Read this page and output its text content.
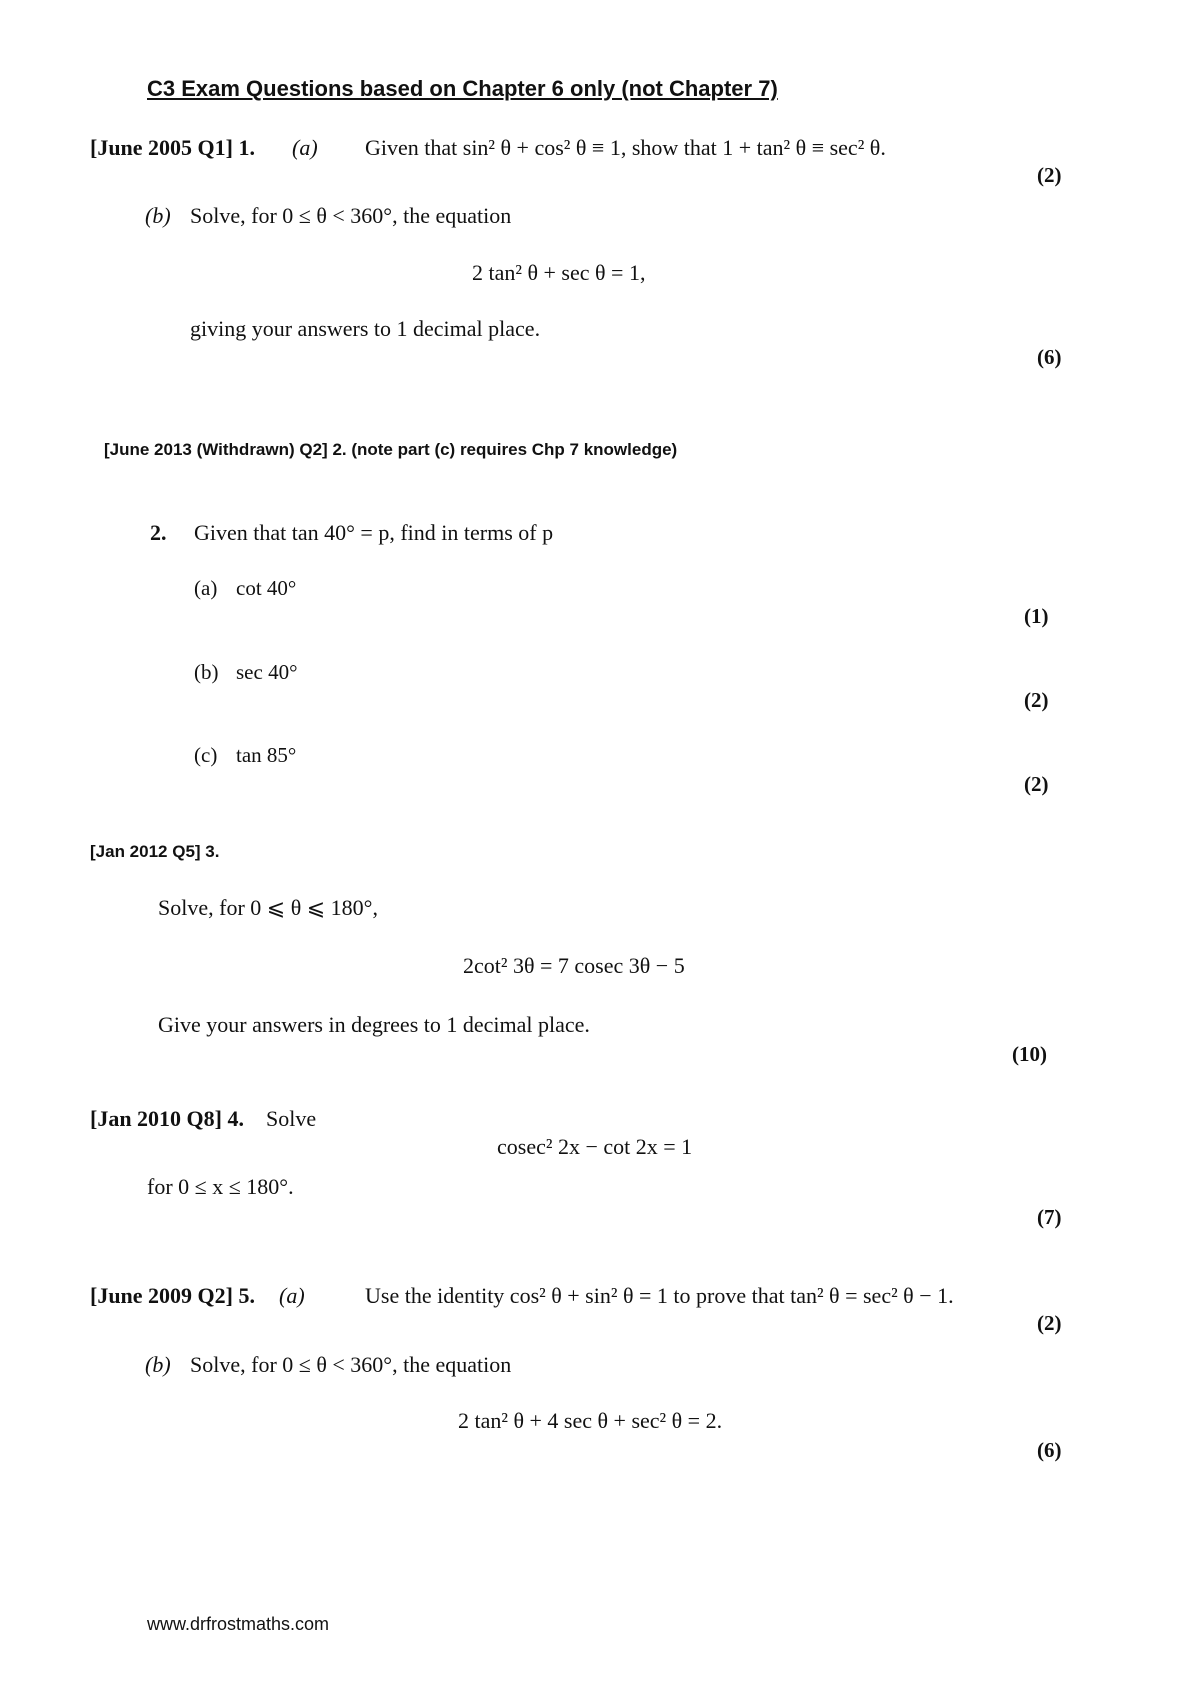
C3 Exam Questions based on Chapter 6 only (not Chapter 7)
[June 2005 Q1] 1. (a) Given that sin² θ + cos² θ ≡ 1, show that 1 + tan² θ ≡ sec² θ.
(2)
(b) Solve, for 0 ≤ θ < 360°, the equation
2 tan² θ + sec θ = 1,
giving your answers to 1 decimal place.
(6)
[June 2013 (Withdrawn) Q2] 2. (note part (c) requires Chp 7 knowledge)
2. Given that tan 40° = p, find in terms of p
(a) cot 40°
(1)
(b) sec 40°
(2)
(c) tan 85°
(2)
[Jan 2012 Q5] 3.
Solve, for 0 ⩽ θ ⩽ 180°,
2cot² 3θ = 7 cosec 3θ − 5
Give your answers in degrees to 1 decimal place.
(10)
[Jan 2010 Q8] 4. Solve
cosec² 2x − cot 2x = 1
for 0 ≤ x ≤ 180°.
(7)
[June 2009 Q2] 5. (a)	Use the identity cos² θ + sin² θ = 1 to prove that tan² θ = sec² θ − 1.
(2)
(b) Solve, for 0 ≤ θ < 360°, the equation
2 tan² θ + 4 sec θ + sec² θ = 2.
(6)
www.drfrostmaths.com
